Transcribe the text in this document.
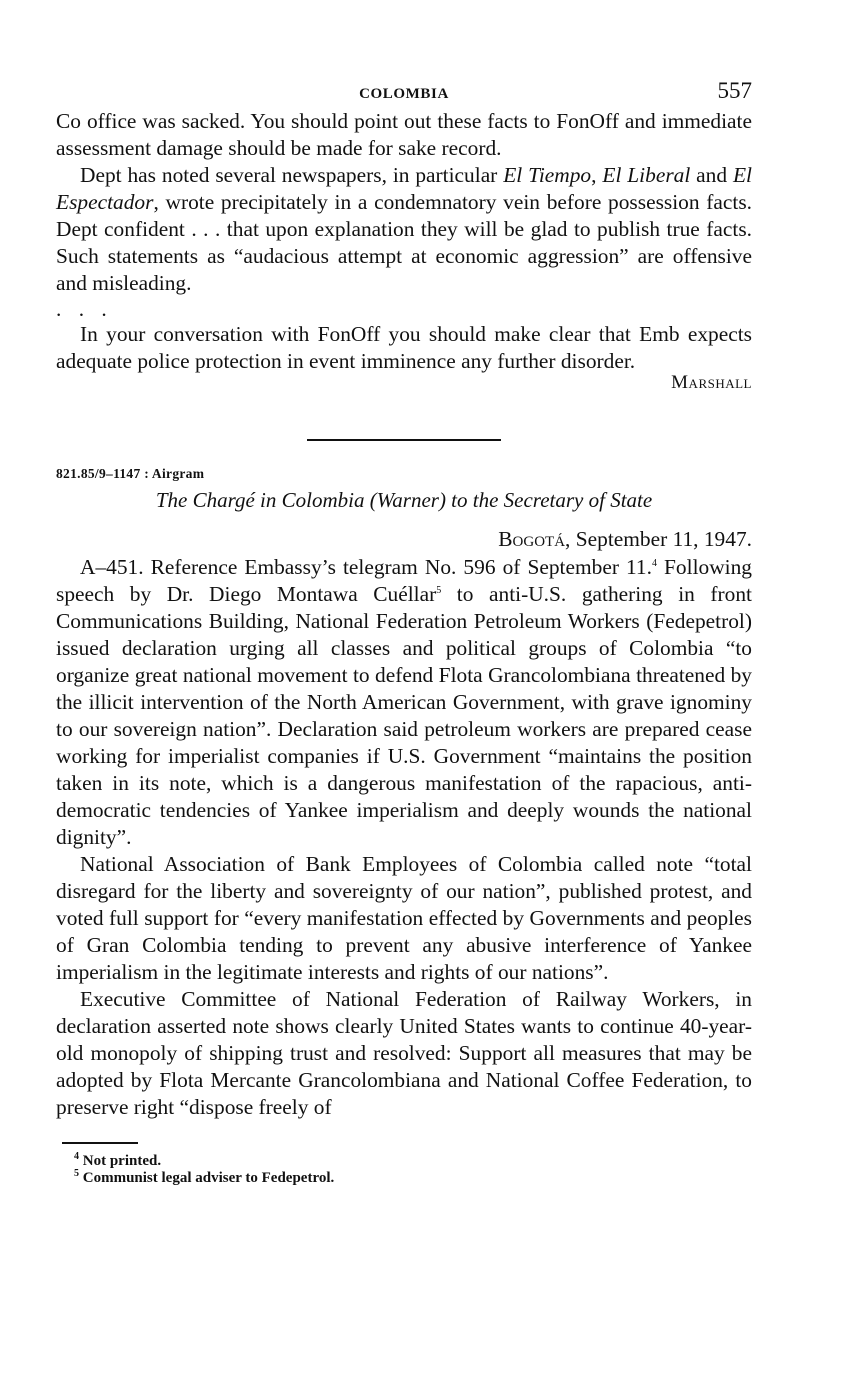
COLOMBIA	557

Co office was sacked. You should point out these facts to FonOff and immediate assessment damage should be made for sake record.

Dept has noted several newspapers, in particular El Tiempo, El Liberal and El Espectador, wrote precipitately in a condemnatory vein before possession facts. Dept confident . . . that upon explanation they will be glad to publish true facts. Such statements as “audacious attempt at economic aggression” are offensive and misleading.

. . .

In your conversation with FonOff you should make clear that Emb expects adequate police protection in event imminence any further disorder.

Marshall
821.85/9–1147 : Airgram
The Chargé in Colombia (Warner) to the Secretary of State
Bogotá, September 11, 1947.

A–451. Reference Embassy’s telegram No. 596 of September 11.$^4$ Following speech by Dr. Diego Montawa Cuéllar$^5$ to anti-U.S. gathering in front Communications Building, National Federation Petroleum Workers (Fedepetrol) issued declaration urging all classes and political groups of Colombia “to organize great national movement to defend Flota Grancolombiana threatened by the illicit intervention of the North American Government, with grave ignominy to our sovereign nation”. Declaration said petroleum workers are prepared cease working for imperialist companies if U.S. Government “maintains the position taken in its note, which is a dangerous manifestation of the rapacious, anti-democratic tendencies of Yankee imperialism and deeply wounds the national dignity”.

National Association of Bank Employees of Colombia called note “total disregard for the liberty and sovereignty of our nation”, published protest, and voted full support for “every manifestation effected by Governments and peoples of Gran Colombia tending to prevent any abusive interference of Yankee imperialism in the legitimate interests and rights of our nations”.

Executive Committee of National Federation of Railway Workers, in declaration asserted note shows clearly United States wants to continue 40-year-old monopoly of shipping trust and resolved: Support all measures that may be adopted by Flota Mercante Grancolombiana and National Coffee Federation, to preserve right “dispose freely of

$^4$ Not printed.
$^5$ Communist legal adviser to Fedepetrol.
